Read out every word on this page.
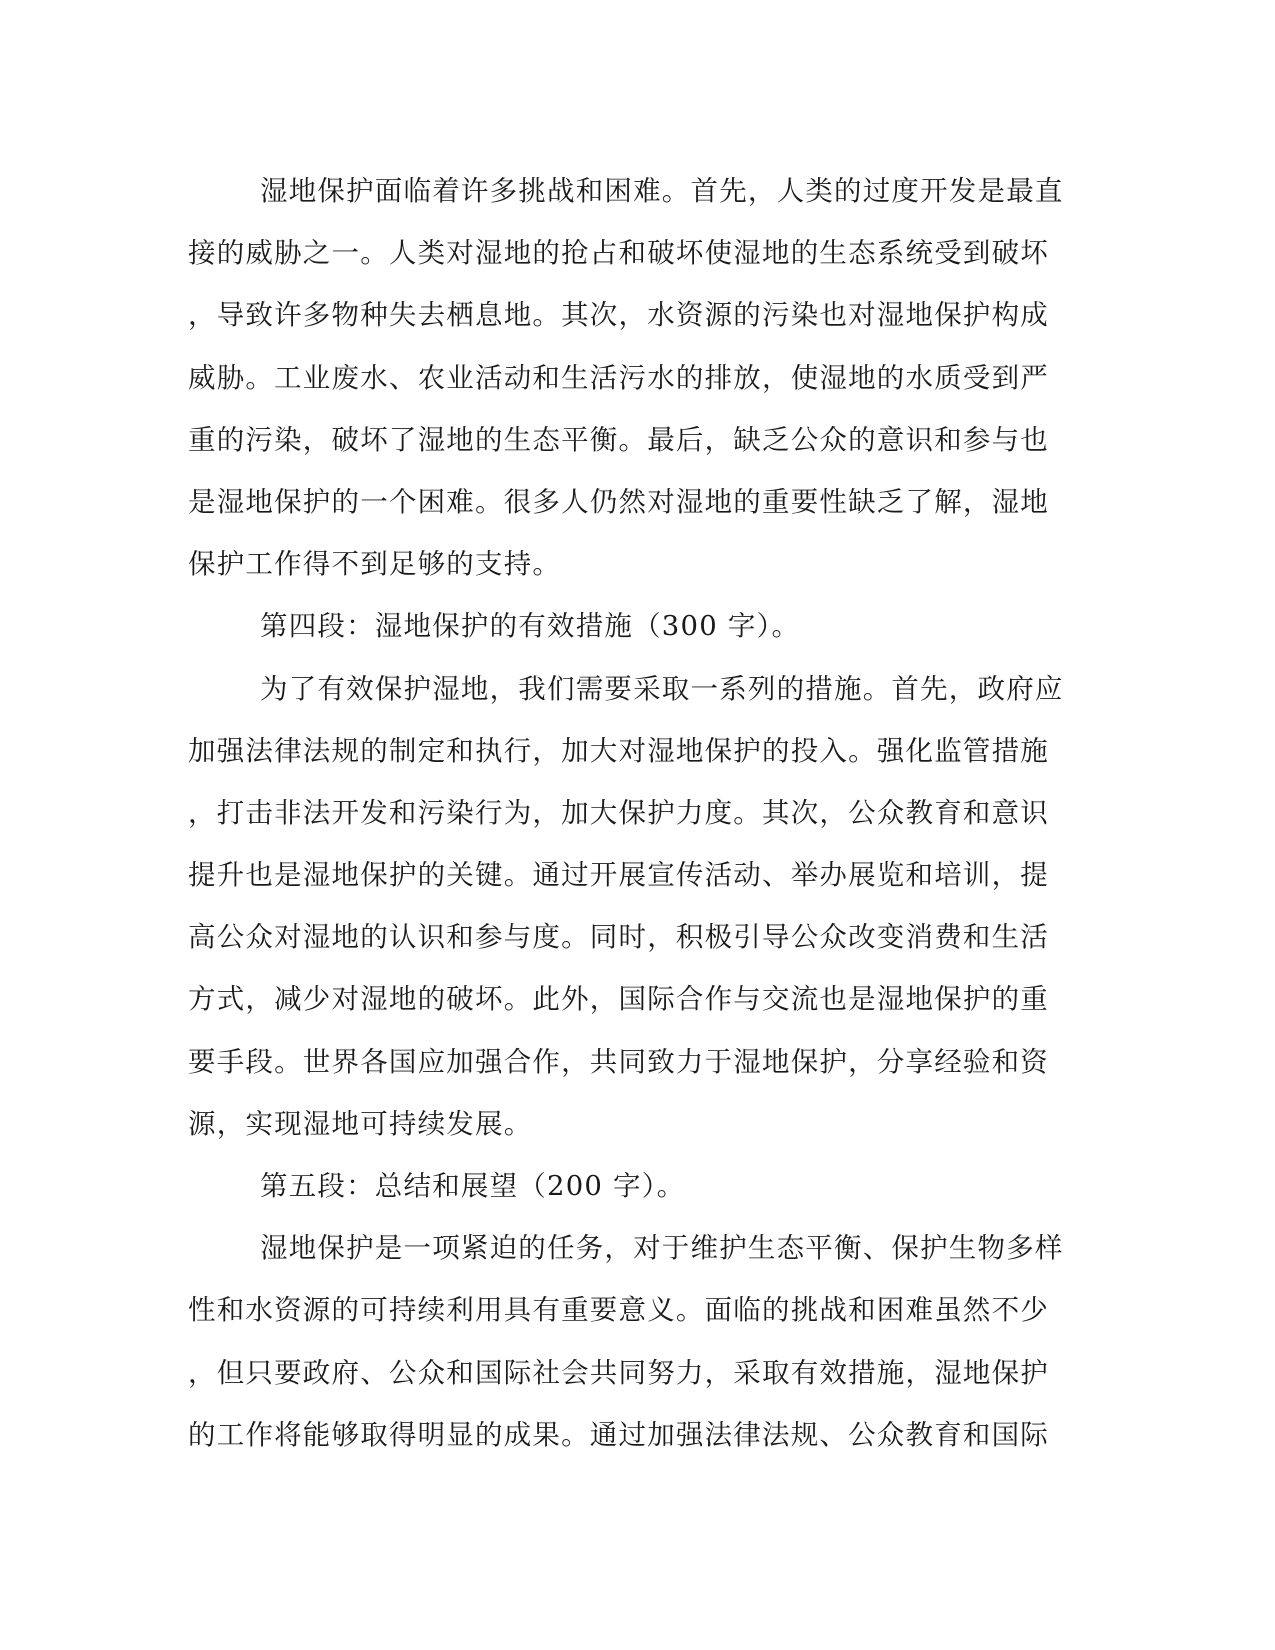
湿地保护面临着许多挑战和困难。首先，人类的过度开发是最直
接的威胁之一。人类对湿地的抢占和破坏使湿地的生态系统受到破坏
，导致许多物种失去栖息地。其次，水资源的污染也对湿地保护构成
威胁。工业废水、农业活动和生活污水的排放，使湿地的水质受到严
重的污染，破坏了湿地的生态平衡。最后，缺乏公众的意识和参与也
是湿地保护的一个困难。很多人仍然对湿地的重要性缺乏了解，湿地
保护工作得不到足够的支持。
第四段：湿地保护的有效措施（300 字）。
为了有效保护湿地，我们需要采取一系列的措施。首先，政府应
加强法律法规的制定和执行，加大对湿地保护的投入。强化监管措施
，打击非法开发和污染行为，加大保护力度。其次，公众教育和意识
提升也是湿地保护的关键。通过开展宣传活动、举办展览和培训，提
高公众对湿地的认识和参与度。同时，积极引导公众改变消费和生活
方式，减少对湿地的破坏。此外，国际合作与交流也是湿地保护的重
要手段。世界各国应加强合作，共同致力于湿地保护，分享经验和资
源，实现湿地可持续发展。
第五段：总结和展望（200 字）。
湿地保护是一项紧迫的任务，对于维护生态平衡、保护生物多样
性和水资源的可持续利用具有重要意义。面临的挑战和困难虽然不少
，但只要政府、公众和国际社会共同努力，采取有效措施，湿地保护
的工作将能够取得明显的成果。通过加强法律法规、公众教育和国际
